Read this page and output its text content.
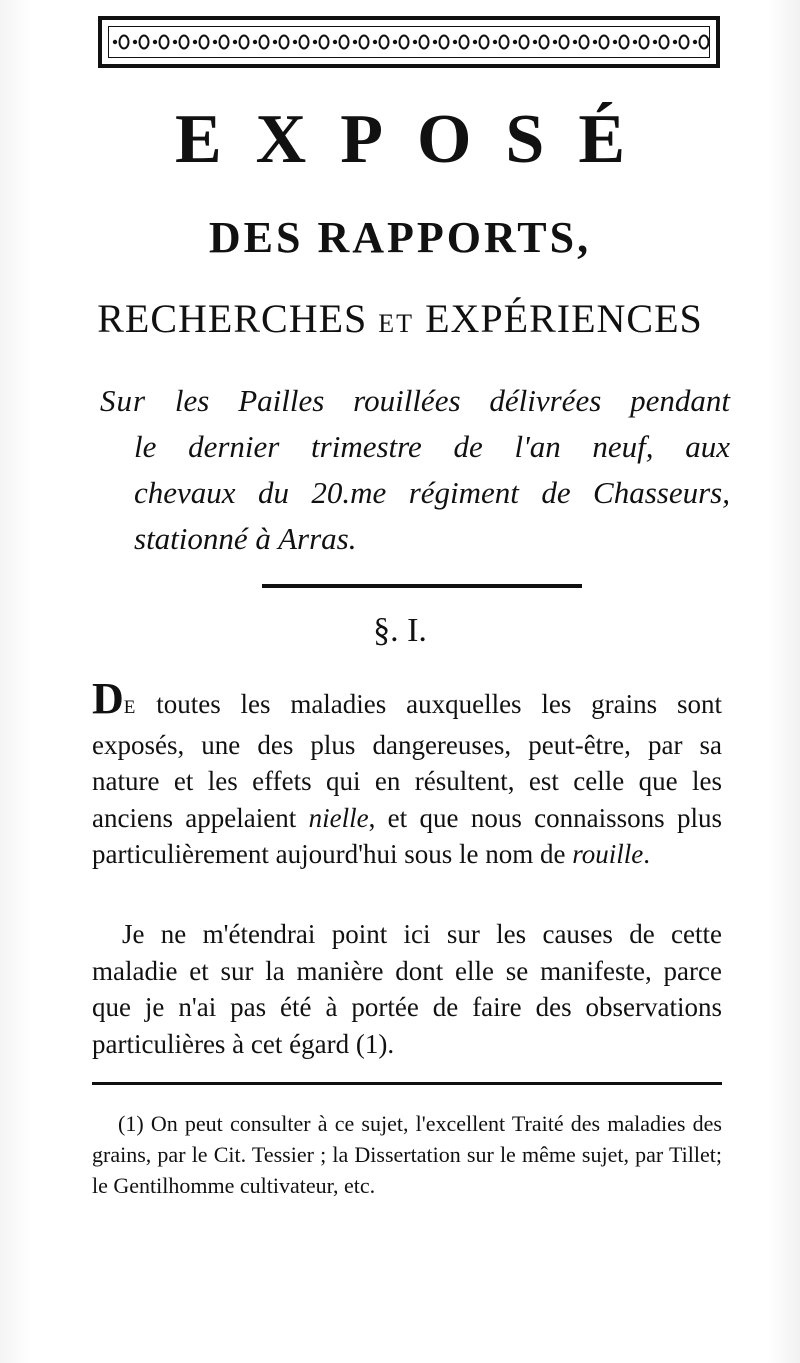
EXPOSÉ
DES RAPPORTS,
RECHERCHES ET EXPÉRIENCES
Sur les Pailles rouillées délivrées pendant
le dernier trimestre de l'an neuf, aux
chevaux du 20.me régiment de Chasseurs,
stationné à Arras.
§. I.
DE toutes les maladies auxquelles les grains sont exposés, une des plus dangereuses, peut-être, par sa nature et les effets qui en résultent, est celle que les anciens appelaient nielle, et que nous connaissons plus particulièrement aujourd'hui sous le nom de rouille.
Je ne m'étendrai point ici sur les causes de cette maladie et sur la manière dont elle se manifeste, parce que je n'ai pas été à portée de faire des observations particulières à cet égard (1).
(1) On peut consulter à ce sujet, l'excellent Traité des maladies des grains, par le Cit. Tessier ; la Dissertation sur le même sujet, par Tillet; le Gentilhomme cultivateur, etc.
